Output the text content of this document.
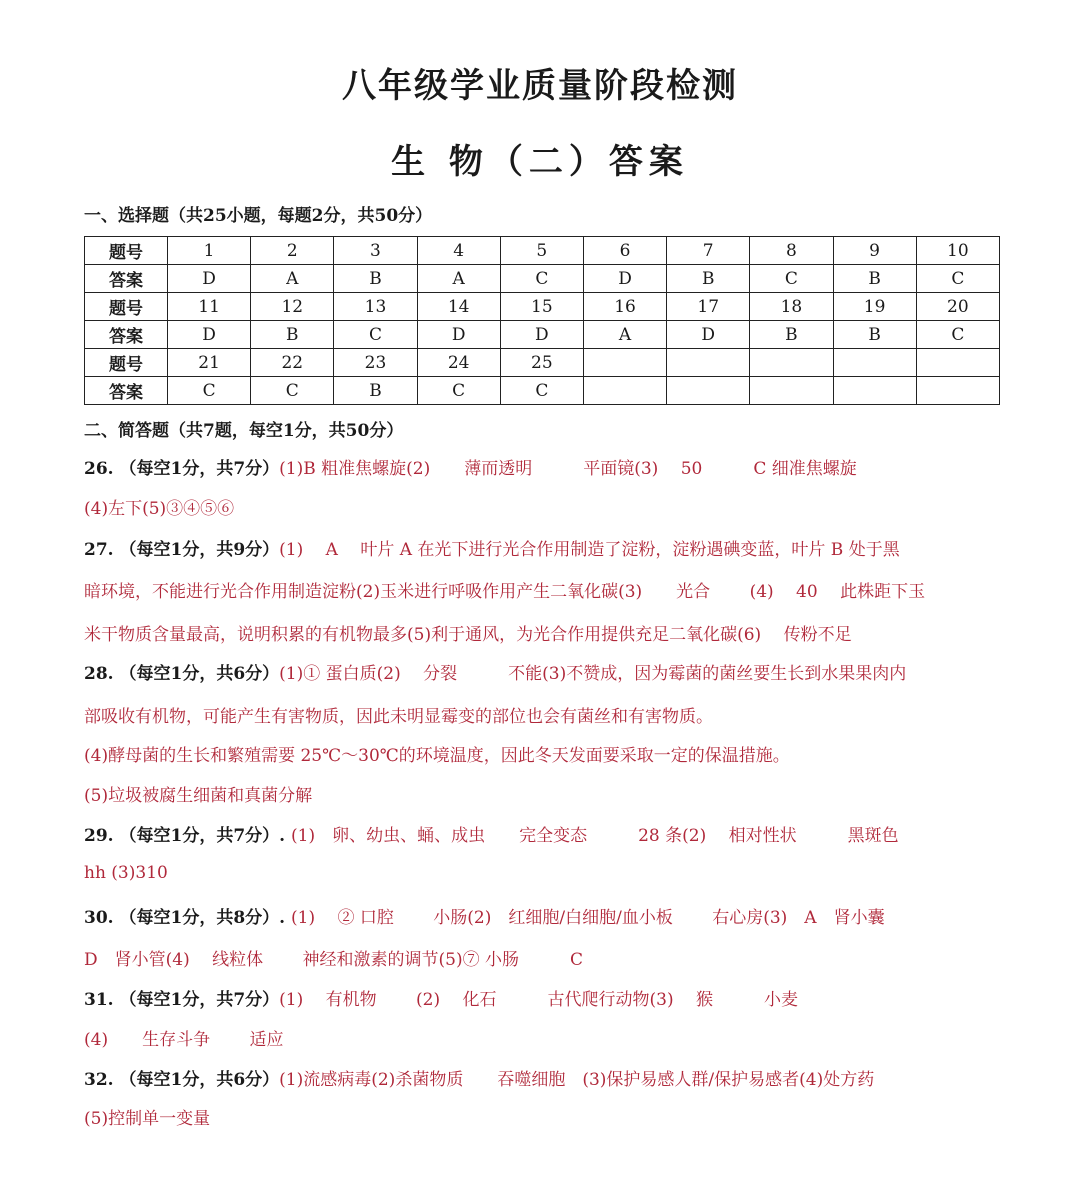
八年级学业质量阶段检测
生 物（二）答案
一、选择题（共25小题，每题2分，共50分）
题号	1	2	3	4	5	6	7	8	9	10
答案	D	A	B	A	C	D	B	C	B	C
题号	11	12	13	14	15	16	17	18	19	20
答案	D	B	C	D	D	A	D	B	B	C
题号	21	22	23	24	25					
答案	C	C	B	C	C					
二、简答题（共7题，每空1分，共50分）
26. （每空1分，共7分）(1)B 粗准焦螺旋(2)　　薄而透明　　　平面镜(3)　 50　　　C 细准焦螺旋
(4)左下(5)③④⑤⑥
27. （每空1分，共9分）(1)　 A　 叶片 A 在光下进行光合作用制造了淀粉，淀粉遇碘变蓝，叶片 B 处于黑
暗环境，不能进行光合作用制造淀粉(2)玉米进行呼吸作用产生二氧化碳(3)　　光合　　 (4)　 40　 此株距下玉
米干物质含量最高，说明积累的有机物最多(5)利于通风，为光合作用提供充足二氧化碳(6)　 传粉不足
28. （每空1分，共6分）(1)① 蛋白质(2)　 分裂　　　不能(3)不赞成，因为霉菌的菌丝要生长到水果果肉内
部吸收有机物，可能产生有害物质，因此未明显霉变的部位也会有菌丝和有害物质。
(4)酵母菌的生长和繁殖需要 25℃～30℃的环境温度，因此冬天发面要采取一定的保温措施。
(5)垃圾被腐生细菌和真菌分解
29. （每空1分，共7分）. (1)　卵、幼虫、蛹、成虫　　完全变态　　　28 条(2)　 相对性状　　　黑斑色
hh (3)310
30. （每空1分，共8分）. (1)　 ② 口腔　　 小肠(2)　红细胞/白细胞/血小板　　 右心房(3)　A　肾小囊
D　肾小管(4)　 线粒体　　 神经和激素的调节(5)⑦ 小肠　　　C
31. （每空1分，共7分）(1)　 有机物　　 (2)　 化石　　　古代爬行动物(3)　 猴　　　小麦
(4)　　生存斗争　　 适应
32. （每空1分，共6分）(1)流感病毒(2)杀菌物质　　吞噬细胞　(3)保护易感人群/保护易感者(4)处方药
(5)控制单一变量
